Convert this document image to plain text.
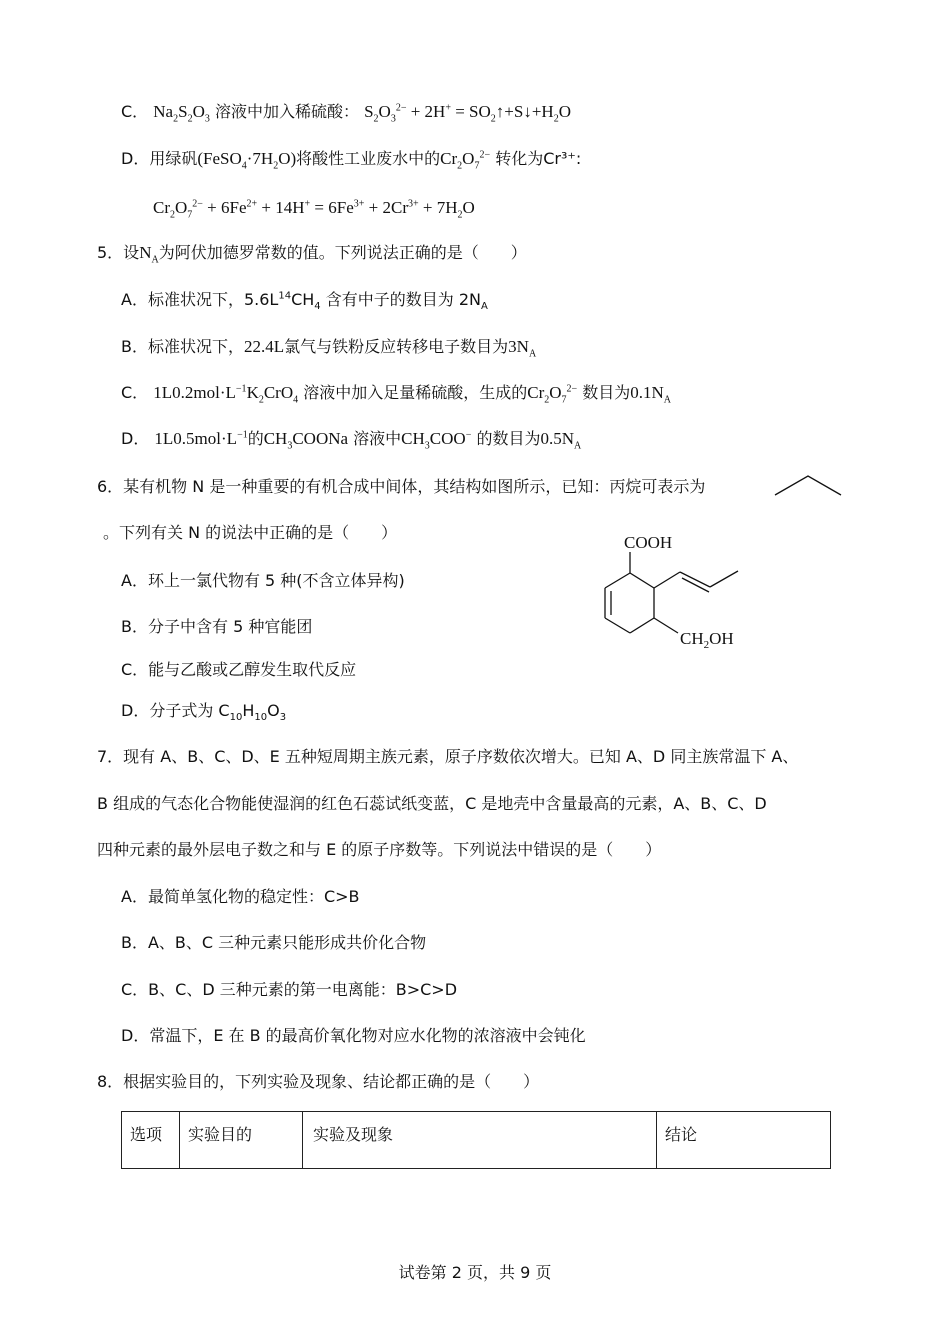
C． $Na_2S_2O_3$ 溶液中加入稀硫酸： $S_2O_3^{2-} + 2H^+$ = $SO_2↑+S↓+H_2O$
D．用绿矾$(FeSO_4\cdot 7H_2O)$将酸性工业废水中的$Cr_2O_7^{2-}$ 转化为Cr³⁺:
$Cr_2O_7^{2-} + 6Fe^{2+} + 14H^+ = 6Fe^{3+} + 2Cr^{3+} + 7H_2O$
5．设$N_A$为阿伏加德罗常数的值。下列说法正确的是（　　）
A．标准状况下，$5.6L^{14}CH_4$ 含有中子的数目为 $2N_A$
B．标准状况下，22.4L氯气与铁粉反应转移电子数目为$3N_A$
C． $1L0.2mol\cdot L^{-1}K_2CrO_4$ 溶液中加入足量稀硫酸，生成的$Cr_2O_7^{2-}$ 数目为$0.1N_A$
D． $1L0.5mol\cdot L^{-1}$的$CH_3COONa$ 溶液中$CH_3COO^-$ 的数目为$0.5N_A$
6．某有机物 N 是一种重要的有机合成中间体，其结构如图所示，已知：丙烷可表示为
。下列有关 N 的说法中正确的是（　　）
A．环上一氯代物有 5 种(不含立体异构)
B．分子中含有 5 种官能团
C．能与乙酸或乙醇发生取代反应
D．分子式为 $C_{10}H_{10}O_3$
COOH
$CH_2OH$
7．现有 A、B、C、D、E 五种短周期主族元素，原子序数依次增大。已知 A、D 同主族常温下 A、
B 组成的气态化合物能使湿润的红色石蕊试纸变蓝，C 是地壳中含量最高的元素，A、B、C、D
四种元素的最外层电子数之和与 E 的原子序数等。下列说法中错误的是（　　）
A．最简单氢化物的稳定性：C>B
B．A、B、C 三种元素只能形成共价化合物
C．B、C、D 三种元素的第一电离能：B>C>D
D．常温下，E 在 B 的最高价氧化物对应水化物的浓溶液中会钝化
8．根据实验目的，下列实验及现象、结论都正确的是（　　）
选项	实验目的	实验及现象	结论
试卷第 2 页，共 9 页
